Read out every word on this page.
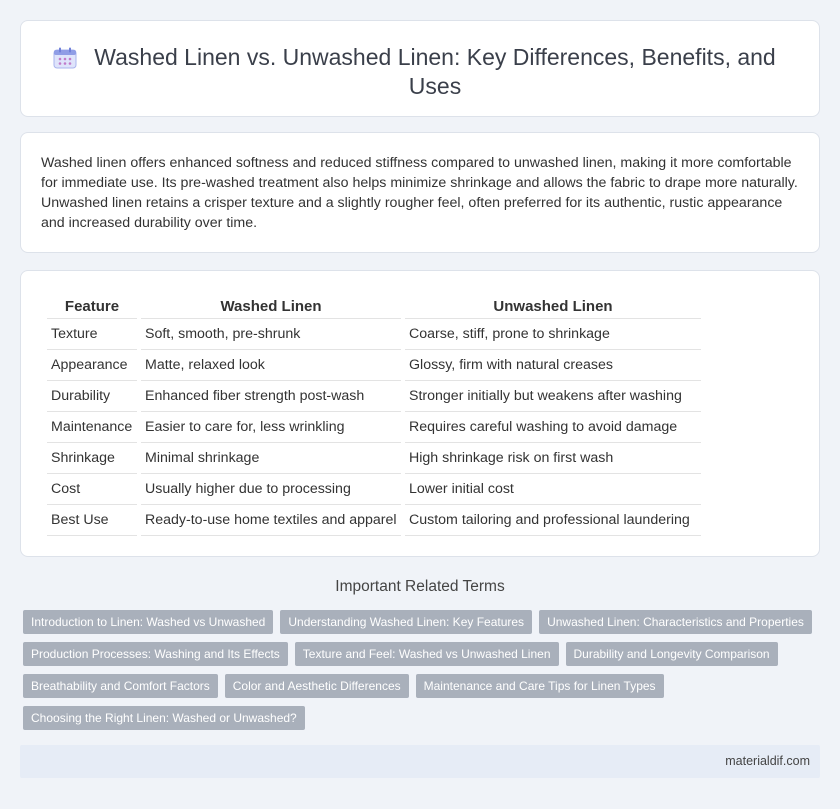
Washed Linen vs. Unwashed Linen: Key Differences, Benefits, and Uses

Washed linen offers enhanced softness and reduced stiffness compared to unwashed linen, making it more comfortable for immediate use. Its pre-washed treatment also helps minimize shrinkage and allows the fabric to drape more naturally. Unwashed linen retains a crisper texture and a slightly rougher feel, often preferred for its authentic, rustic appearance and increased durability over time.

Feature	Washed Linen	Unwashed Linen
Texture	Soft, smooth, pre-shrunk	Coarse, stiff, prone to shrinkage
Appearance	Matte, relaxed look	Glossy, firm with natural creases
Durability	Enhanced fiber strength post-wash	Stronger initially but weakens after washing
Maintenance	Easier to care for, less wrinkling	Requires careful washing to avoid damage
Shrinkage	Minimal shrinkage	High shrinkage risk on first wash
Cost	Usually higher due to processing	Lower initial cost
Best Use	Ready-to-use home textiles and apparel	Custom tailoring and professional laundering
Important Related Terms
Introduction to Linen: Washed vs Unwashed	Understanding Washed Linen: Key Features	Unwashed Linen: Characteristics and Properties
Production Processes: Washing and Its Effects	Texture and Feel: Washed vs Unwashed Linen	Durability and Longevity Comparison
Breathability and Comfort Factors	Color and Aesthetic Differences	Maintenance and Care Tips for Linen Types
Choosing the Right Linen: Washed or Unwashed?
materialdif.com
